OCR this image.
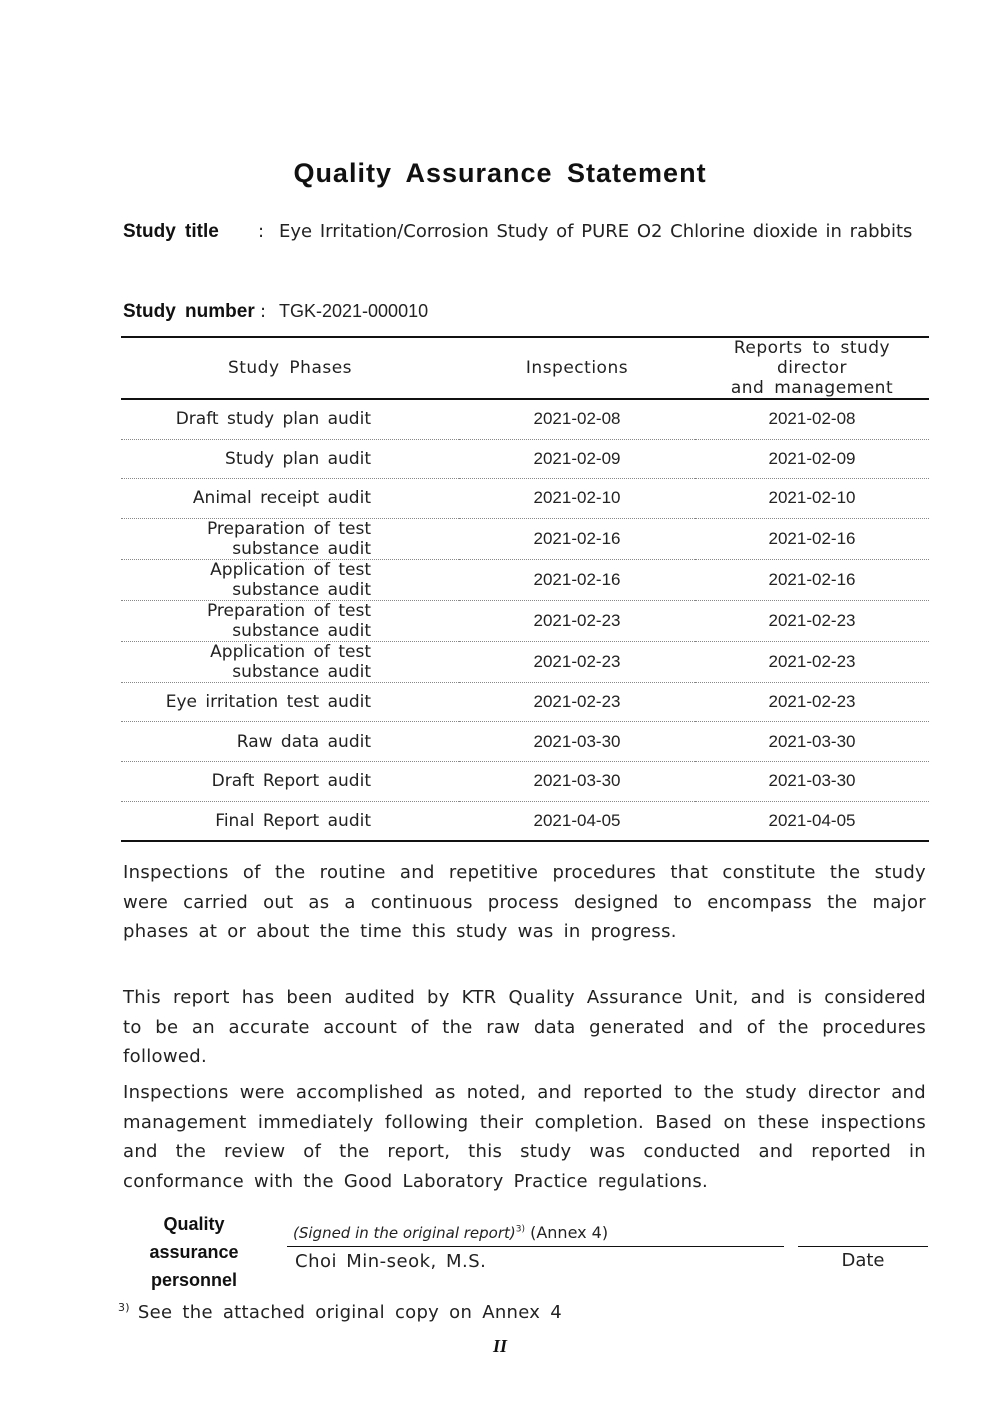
Quality Assurance Statement
Study title : Eye Irritation/Corrosion Study of PURE O2 Chlorine dioxide in rabbits
Study number : TGK-2021-000010
Study Phases	Inspections	Reports to study director
and management

Draft study plan audit	2021-02-08	2021-02-08
Study plan audit	2021-02-09	2021-02-09
Animal receipt audit	2021-02-10	2021-02-10
Preparation of test substance audit	2021-02-16	2021-02-16
Application of test substance audit	2021-02-16	2021-02-16
Preparation of test substance audit	2021-02-23	2021-02-23
Application of test substance audit	2021-02-23	2021-02-23
Eye irritation test audit	2021-02-23	2021-02-23
Raw data audit	2021-03-30	2021-03-30
Draft Report audit	2021-03-30	2021-03-30
Final Report audit	2021-04-05	2021-04-05
Inspections of the routine and repetitive procedures that constitute the study were carried out as a continuous process designed to encompass the major phases at or about the time this study was in progress.
This report has been audited by KTR Quality Assurance Unit, and is considered to be an accurate account of the raw data generated and of the procedures followed.
Inspections were accomplished as noted, and reported to the study director and management immediately following their completion. Based on these inspections and the review of the report, this study was conducted and reported in conformance with the Good Laboratory Practice regulations.
Quality
assurance
personnel
(Signed in the original report)$^{3)}$ (Annex 4)
Choi Min-seok, M.S.	Date
$^{3)}$ See the attached original copy on Annex 4
II
